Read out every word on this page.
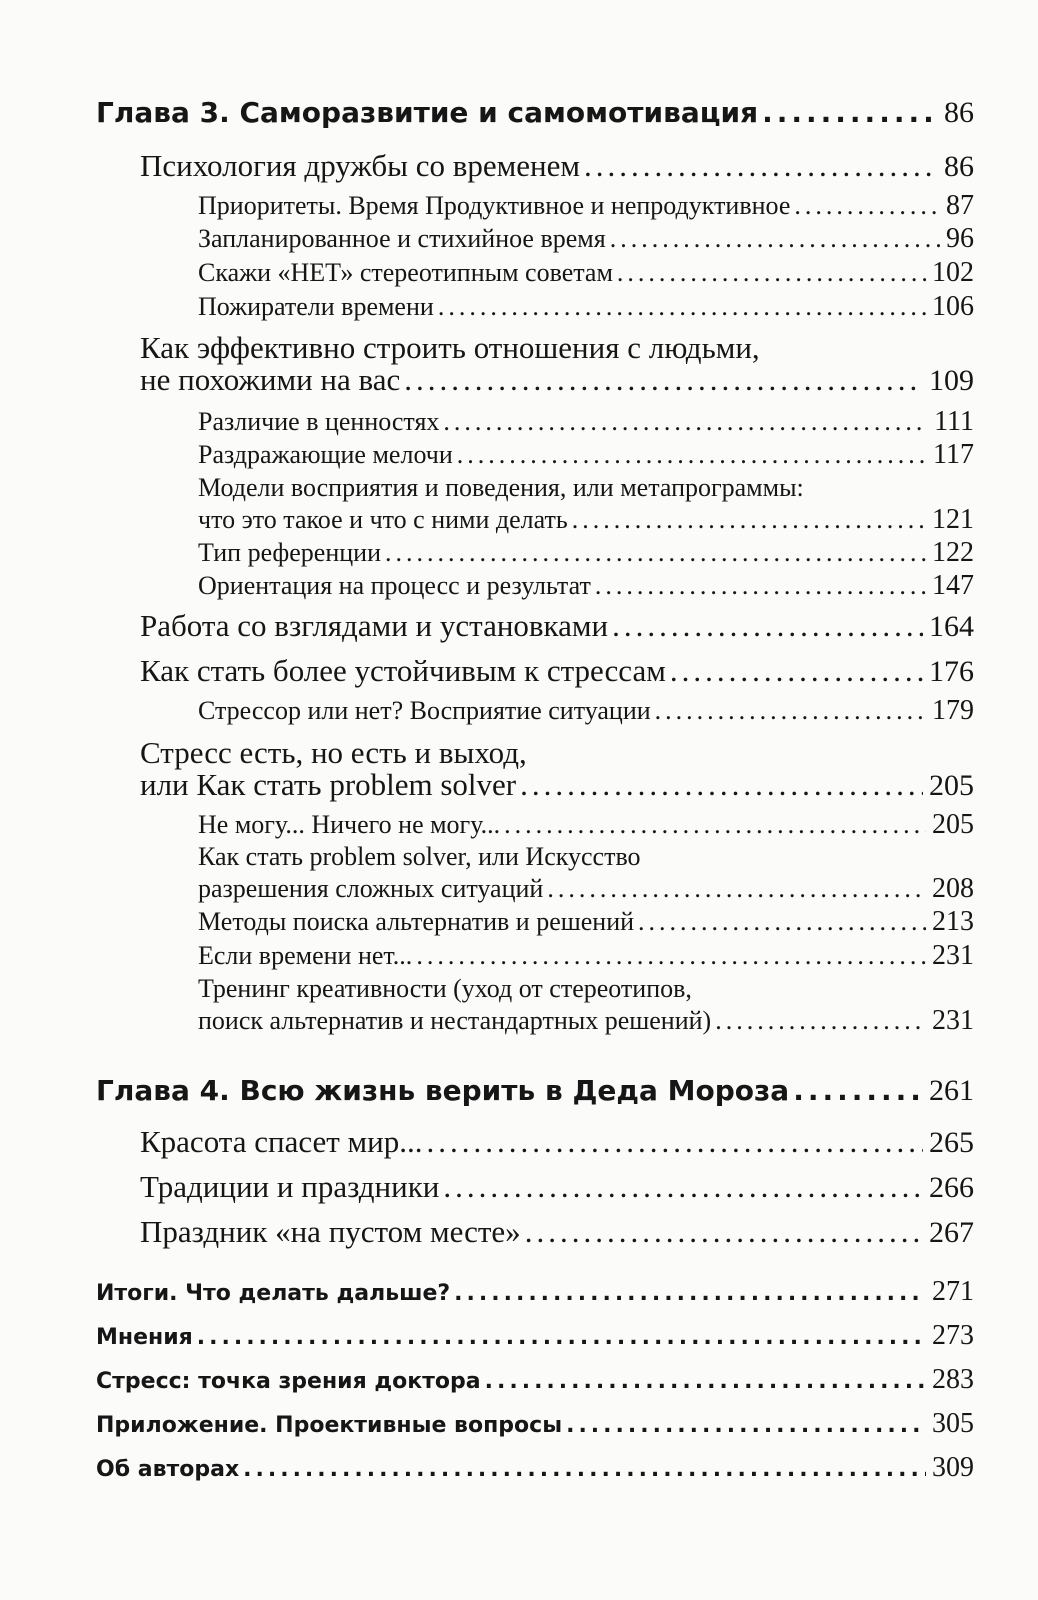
Глава 3. Саморазвитие и самомотивация .....	86
Психология дружбы со временем .....	86
Приоритеты. Время Продуктивное и непродуктивное .....	87
Запланированное и стихийное время .....	96
Скажи «НЕТ» стереотипным советам .....	102
Пожиратели времени .....	106
Как эффективно строить отношения с людьми,
не похожими на вас .....	109
Различие в ценностях .....	111
Раздражающие мелочи .....	117
Модели восприятия и поведения, или метапрограммы:
что это такое и что с ними делать .....	121
Тип референции .....	122
Ориентация на процесс и результат .....	147
Работа со взглядами и установками .....	164
Как стать более устойчивым к стрессам .....	176
Стрессор или нет? Восприятие ситуации .....	179
Стресс есть, но есть и выход,
или Как стать problem solver .....	205
Не могу... Ничего не могу... .....	205
Как стать problem solver, или Искусство
разрешения сложных ситуаций .....	208
Методы поиска альтернатив и решений .....	213
Если времени нет... .....	231
Тренинг креативности (уход от стереотипов,
поиск альтернатив и нестандартных решений) .....	231
Глава 4. Всю жизнь верить в Деда Мороза .....	261
Красота спасет мир... .....	265
Традиции и праздники .....	266
Праздник «на пустом месте» .....	267
Итоги. Что делать дальше? .....	271
Мнения .....	273
Стресс: точка зрения доктора .....	283
Приложение. Проективные вопросы .....	305
Об авторах .....	309
